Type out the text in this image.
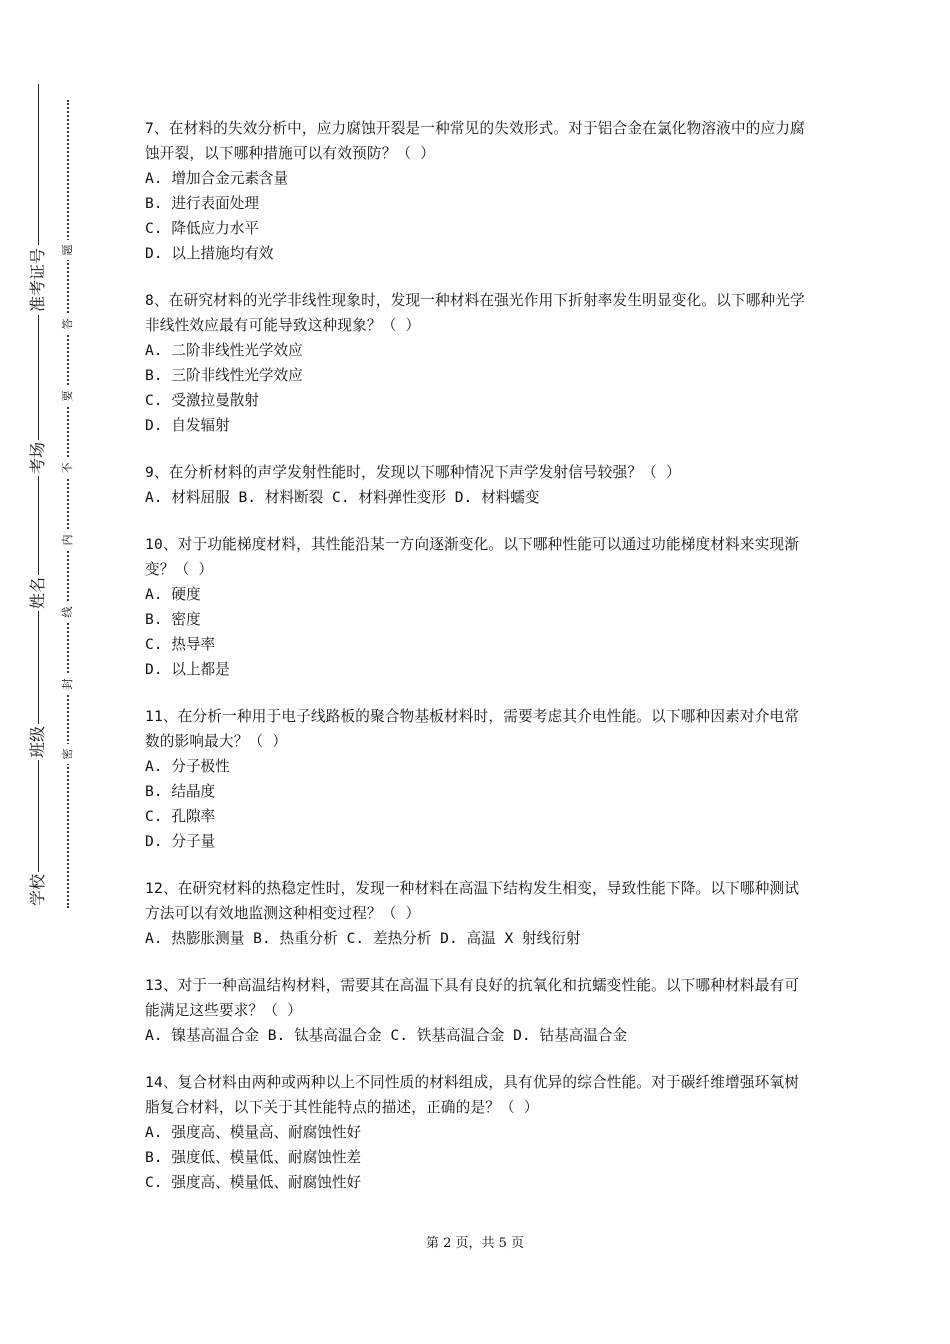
准考证号
考场
姓名
班级
学校
题
答
要
不
内
线
封
密

7、在材料的失效分析中，应力腐蚀开裂是一种常见的失效形式。对于铝合金在氯化物溶液中的应力腐蚀开裂，以下哪种措施可以有效预防？（ ）

A. 增加合金元素含量

B. 进行表面处理

C. 降低应力水平

D. 以上措施均有效

8、在研究材料的光学非线性现象时，发现一种材料在强光作用下折射率发生明显变化。以下哪种光学非线性效应最有可能导致这种现象？（ ）

A. 二阶非线性光学效应

B. 三阶非线性光学效应

C. 受激拉曼散射

D. 自发辐射

9、在分析材料的声学发射性能时，发现以下哪种情况下声学发射信号较强？（ ）

A. 材料屈服 B. 材料断裂 C. 材料弹性变形 D. 材料蠕变

10、对于功能梯度材料，其性能沿某一方向逐渐变化。以下哪种性能可以通过功能梯度材料来实现渐变？（ ）

A. 硬度

B. 密度

C. 热导率

D. 以上都是

11、在分析一种用于电子线路板的聚合物基板材料时，需要考虑其介电性能。以下哪种因素对介电常数的影响最大？（ ）

A. 分子极性

B. 结晶度

C. 孔隙率

D. 分子量

12、在研究材料的热稳定性时，发现一种材料在高温下结构发生相变，导致性能下降。以下哪种测试方法可以有效地监测这种相变过程？（ ）

A. 热膨胀测量 B. 热重分析 C. 差热分析 D. 高温 X 射线衍射

13、对于一种高温结构材料，需要其在高温下具有良好的抗氧化和抗蠕变性能。以下哪种材料最有可能满足这些要求？（ ）

A. 镍基高温合金 B. 钛基高温合金 C. 铁基高温合金 D. 钴基高温合金

14、复合材料由两种或两种以上不同性质的材料组成，具有优异的综合性能。对于碳纤维增强环氧树脂复合材料，以下关于其性能特点的描述，正确的是？（ ）

A. 强度高、模量高、耐腐蚀性好

B. 强度低、模量低、耐腐蚀性差

C. 强度高、模量低、耐腐蚀性好

第 2 页，共 5 页
